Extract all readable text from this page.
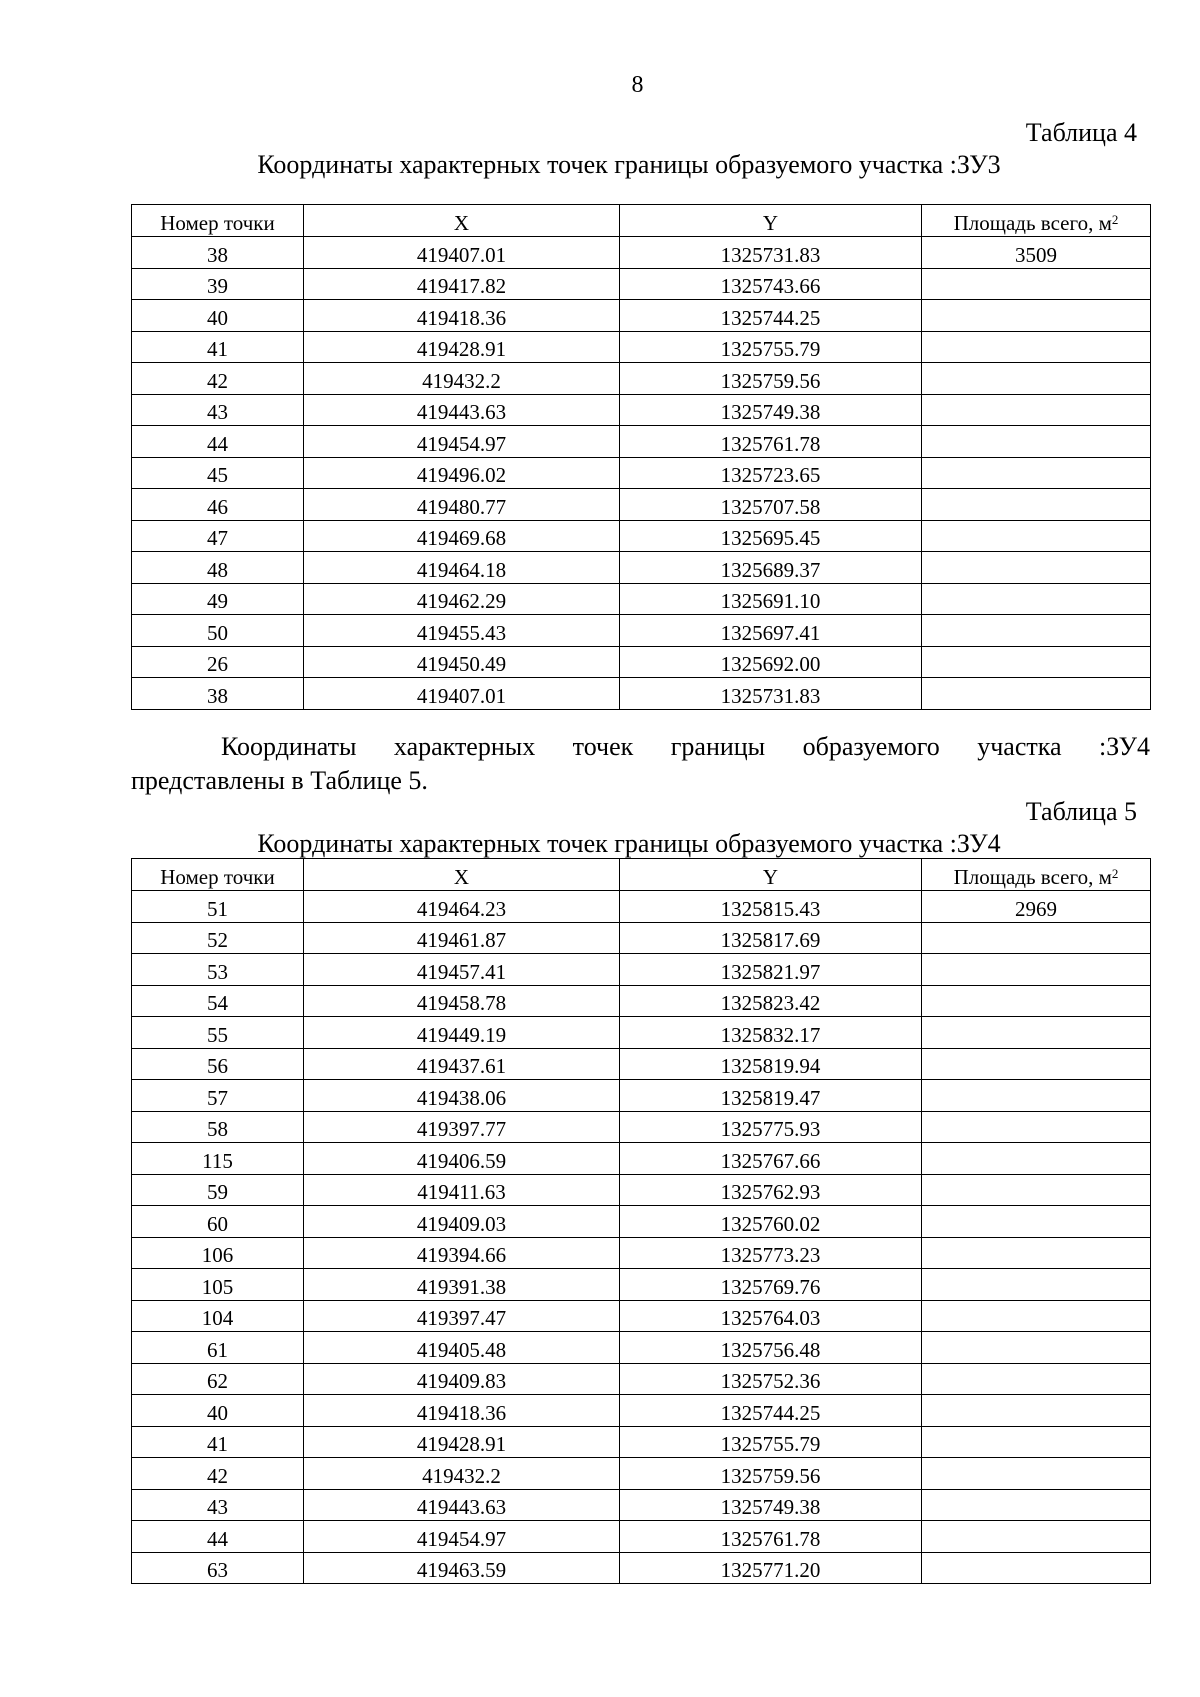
8
Таблица 4
Координаты характерных точек границы образуемого участка :ЗУ3
Номер точки	X	Y	Площадь всего, $м^2$
38	419407.01	1325731.83	3509
39	419417.82	1325743.66	
40	419418.36	1325744.25	
41	419428.91	1325755.79	
42	419432.2	1325759.56	
43	419443.63	1325749.38	
44	419454.97	1325761.78	
45	419496.02	1325723.65	
46	419480.77	1325707.58	
47	419469.68	1325695.45	
48	419464.18	1325689.37	
49	419462.29	1325691.10	
50	419455.43	1325697.41	
26	419450.49	1325692.00	
38	419407.01	1325731.83	
Координаты характерных точек границы образуемого участка :ЗУ4
представлены в Таблице 5.
Таблица 5
Координаты характерных точек границы образуемого участка :ЗУ4
Номер точки	X	Y	Площадь всего, $м^2$
51	419464.23	1325815.43	2969
52	419461.87	1325817.69	
53	419457.41	1325821.97	
54	419458.78	1325823.42	
55	419449.19	1325832.17	
56	419437.61	1325819.94	
57	419438.06	1325819.47	
58	419397.77	1325775.93	
115	419406.59	1325767.66	
59	419411.63	1325762.93	
60	419409.03	1325760.02	
106	419394.66	1325773.23	
105	419391.38	1325769.76	
104	419397.47	1325764.03	
61	419405.48	1325756.48	
62	419409.83	1325752.36	
40	419418.36	1325744.25	
41	419428.91	1325755.79	
42	419432.2	1325759.56	
43	419443.63	1325749.38	
44	419454.97	1325761.78	
63	419463.59	1325771.20	
